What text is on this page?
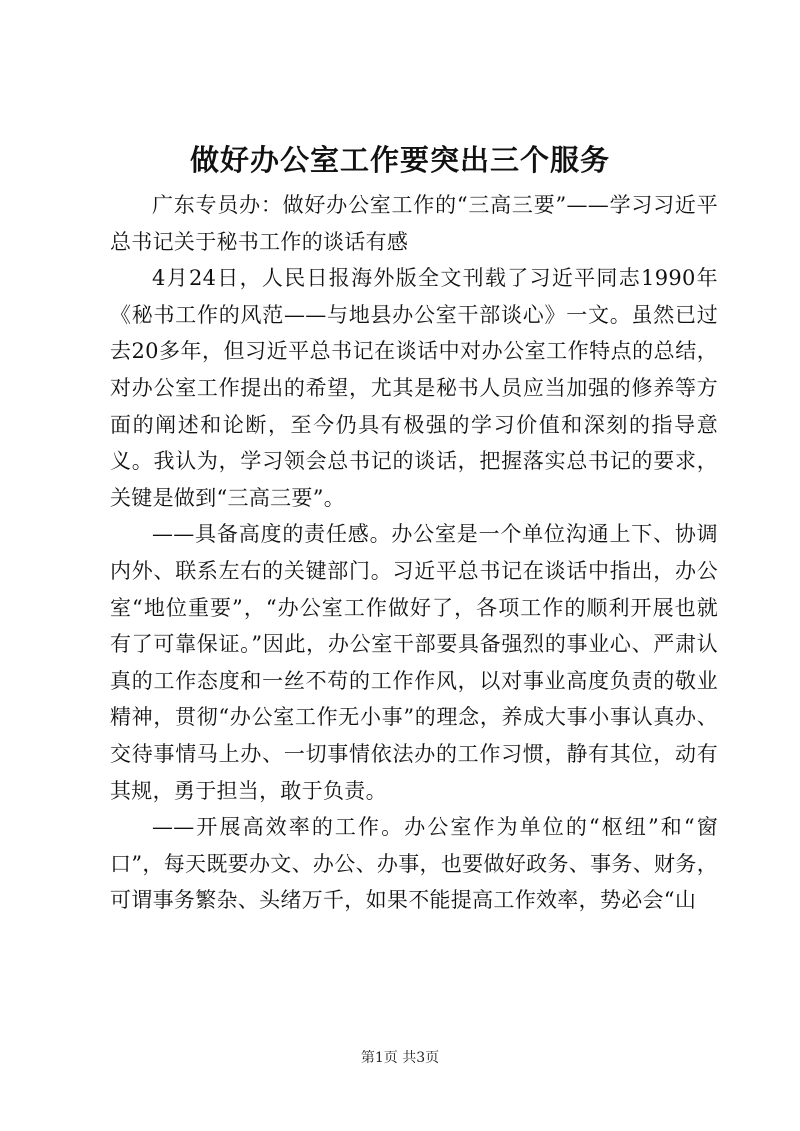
做好办公室工作要突出三个服务

广东专员办：做好办公室工作的“三高三要”——学习习近平总书记关于秘书工作的谈话有感

4月24日，人民日报海外版全文刊载了习近平同志1990年《秘书工作的风范——与地县办公室干部谈心》一文。虽然已过去20多年，但习近平总书记在谈话中对办公室工作特点的总结，对办公室工作提出的希望，尤其是秘书人员应当加强的修养等方面的阐述和论断，至今仍具有极强的学习价值和深刻的指导意义。我认为，学习领会总书记的谈话，把握落实总书记的要求，关键是做到“三高三要”。

——具备高度的责任感。办公室是一个单位沟通上下、协调内外、联系左右的关键部门。习近平总书记在谈话中指出，办公室“地位重要”，“办公室工作做好了，各项工作的顺利开展也就有了可靠保证。”因此，办公室干部要具备强烈的事业心、严肃认真的工作态度和一丝不苟的工作作风，以对事业高度负责的敬业精神，贯彻“办公室工作无小事”的理念，养成大事小事认真办、交待事情马上办、一切事情依法办的工作习惯，静有其位，动有其规，勇于担当，敢于负责。

——开展高效率的工作。办公室作为单位的“枢纽”和“窗口”，每天既要办文、办公、办事，也要做好政务、事务、财务，可谓事务繁杂、头绪万千，如果不能提高工作效率，势必会“山

第1页 共3页
